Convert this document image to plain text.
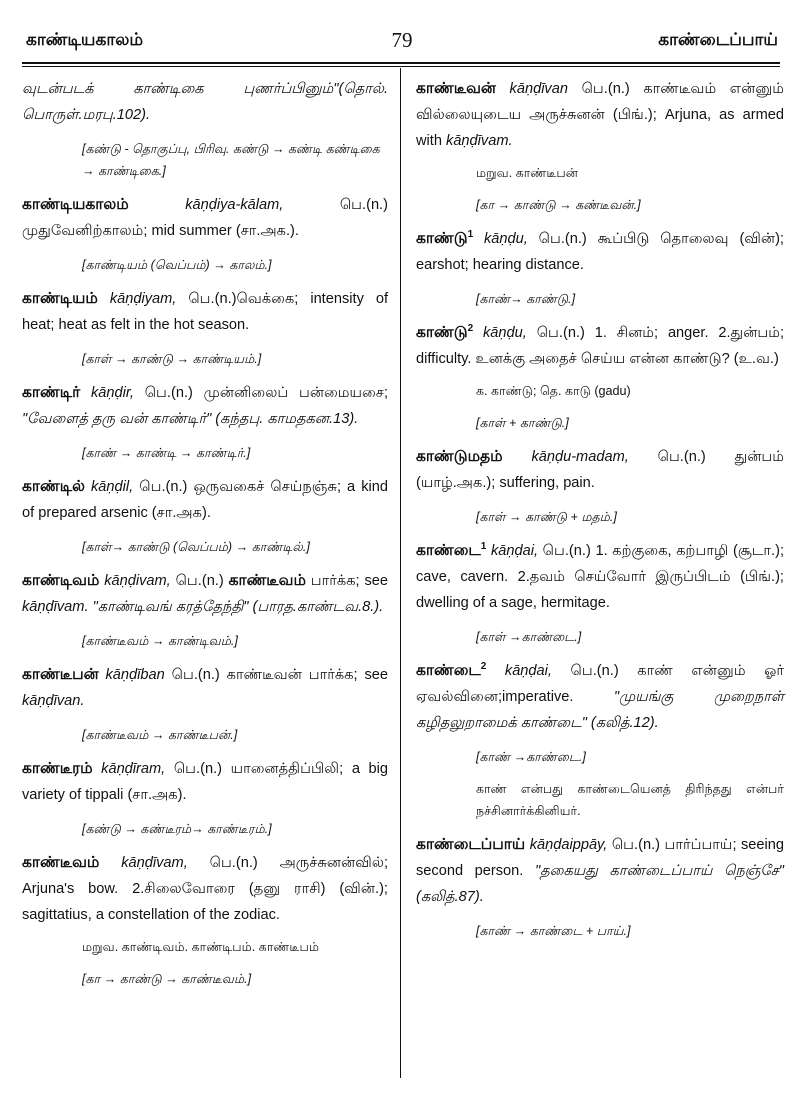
காண்டியகாலம்	79	காண்டைப்பாய்

வுடன்படக் காண்டிகை புணர்ப்பினும்"(தொல். பொருள்.மரபு.102).

[கண்டு - தொகுப்பு, பிரிவு. கண்டு → கண்டி கண்டிகை → காண்டிகை.]

காண்டியகாலம்	kāṇḍiya-kālam,	பெ.(n.) முதுவேனிற்காலம்; mid summer (சா.அக.).

[காண்டியம் (வெப்பம்) → காலம்.]

காண்டியம் kāṇḍiyam, பெ.(n.)வெக்கை; intensity of heat; heat as felt in the hot season.

[காள் → காண்டு → காண்டியம்.]

காண்டிர் kāṇḍir, பெ.(n.) முன்னிலைப் பன்மையசை; "வேளைத் தரு வன் காண்டிர்" (கந்தபு. காமதகன.13).

[காண் → காண்டி → காண்டிர்.]

காண்டில் kāṇḍil, பெ.(n.) ஒருவகைச் செய்நஞ்சு; a kind of prepared arsenic (சா.அக).

[காள்→ காண்டு (வெப்பம்) → காண்டில்.]

காண்டிவம் kāṇḍivam, பெ.(n.) காண்டீவம் பார்க்க; see kāṇḍīvam. "காண்டிவங் கரத்தேந்தி" (பாரத.காண்டவ.8.).

[காண்டீவம் → காண்டிவம்.]

காண்டீபன் kāṇḍīban பெ.(n.) காண்டீவன் பார்க்க; see kāṇḍīvan.

[காண்டீவம் → காண்டீபன்.]

காண்டீரம் kāṇḍīram, பெ.(n.) யானைத்திப்பிலி; a big variety of tippali (சா.அக).

[கண்டு → கண்டீரம்→ காண்டீரம்.]

காண்டீவம் kāṇḍīvam, பெ.(n.) அருச்சுனன்வில்; Arjuna's bow. 2.சிலைவோரை (தனு ராசி) (வின்.); sagittatius, a constellation of the zodiac.

மறுவ. காண்டிவம். காண்டிபம். காண்டீபம்
[கா → காண்டு → காண்டீவம்.]

காண்டீவன் kāṇḍīvan பெ.(n.) காண்டீவம் என்னும் வில்லையுடைய அருச்சுனன் (பிங்.); Arjuna, as armed with kāṇḍīvam.

மறுவ. காண்டீபன்
[கா → காண்டு → கண்டீவன்.]

காண்டு$^1$ kāṇḍu, பெ.(n.) கூப்பிடு தொலைவு (வின்); earshot; hearing distance.

[காண்→ காண்டு.]

காண்டு$^2$ kāṇḍu, பெ.(n.) 1. சினம்; anger. 2.துன்பம்; difficulty. உனக்கு அதைச் செய்ய என்ன காண்டு? (உ.வ.)

க. காண்டு; தெ. காடு (gadu)
[காள் + காண்டு.]

காண்டுமதம் kāṇḍu-madam, பெ.(n.) துன்பம் (யாழ்.அக.); suffering, pain.

[காள் → காண்டு + மதம்.]

காண்டை$^1$ kāṇḍai, பெ.(n.) 1. கற்குகை, கற்பாழி (சூடா.); cave, cavern. 2.தவம் செய்வோர் இருப்பிடம் (பிங்.); dwelling of a sage, hermitage.

[காள் →காண்டை.]

காண்டை$^2$ kāṇḍai, பெ.(n.) காண் என்னும் ஓர் ஏவல்வினை;imperative.	"முயங்கு முறைநாள் கழிதலுறாமைக் காண்டை" (கலித்.12).

[காண் →காண்டை.]
காண் என்பது காண்டையெனத் திரிந்தது என்பர் நச்சினார்க்கினியர்.

காண்டைப்பாய் kāṇḍaippāy, பெ.(n.) பார்ப்பாய்; seeing second person. "தகையது காண்டைப்பாய் நெஞ்சே" (கலித்.87).

[காண் → காண்டை + பாய்.]
